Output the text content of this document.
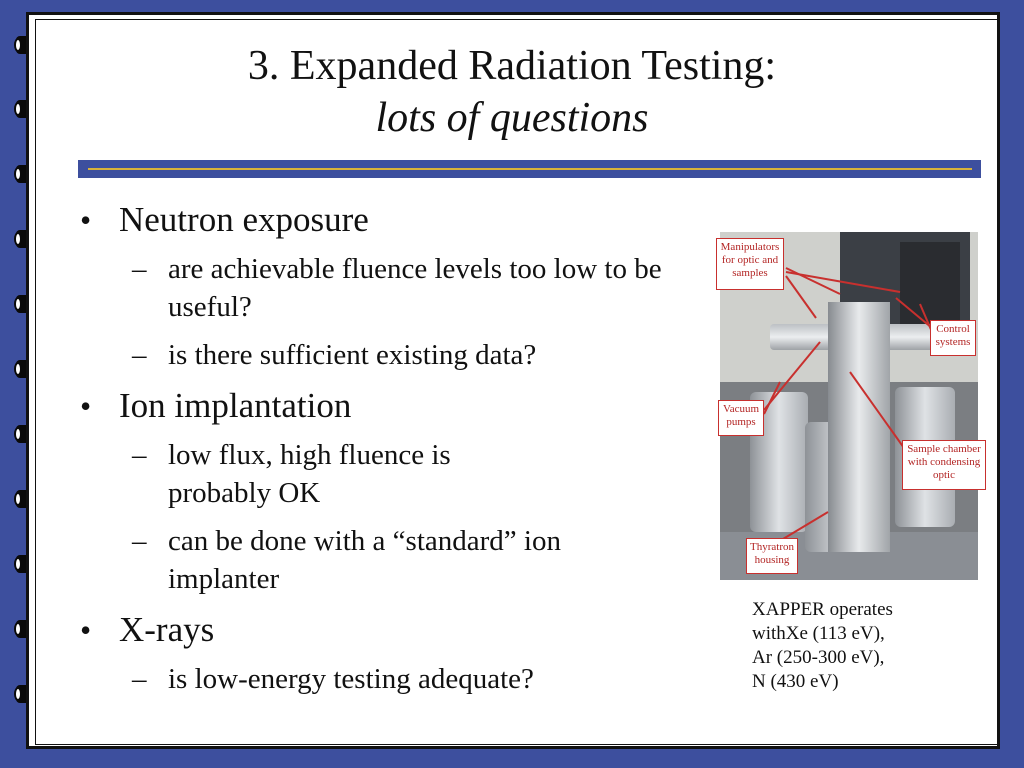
3. Expanded Radiation Testing:
lots of questions
• Neutron exposure
– are achievable fluence levels too low to be useful?
– is there sufficient existing data?
• Ion implantation
– low flux, high fluence is probably OK
– can be done with a “standard” ion implanter
• X-rays
– is low-energy testing adequate?
Manipulators for optic and samples
Control systems
Vacuum pumps
Sample chamber with condensing optic
Thyratron housing
XAPPER operates
withXe (113 eV),
Ar (250-300 eV),
N (430 eV)
